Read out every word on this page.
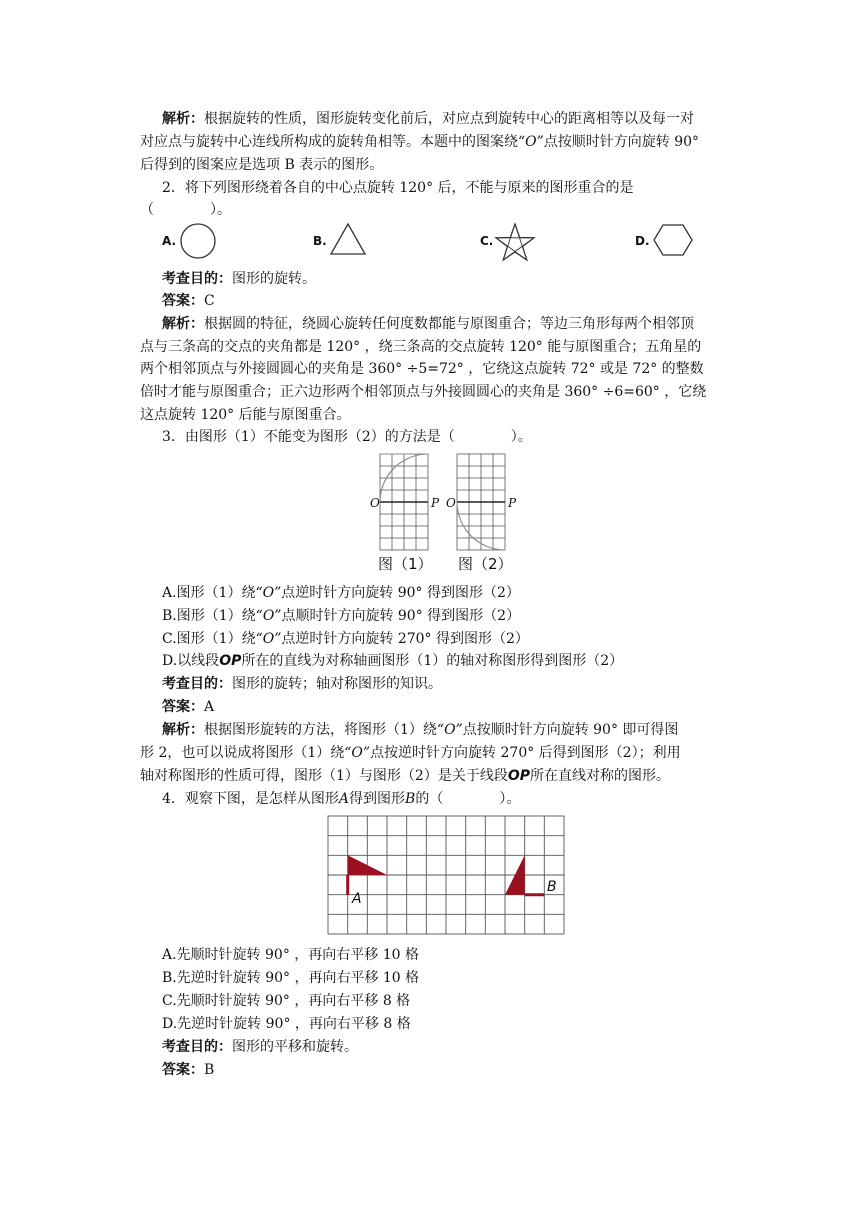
解析：根据旋转的性质，图形旋转变化前后，对应点到旋转中心的距离相等以及每一对
对应点与旋转中心连线所构成的旋转角相等。本题中的图案绕“O”点按顺时针方向旋转 90°
后得到的图案应是选项 B 表示的图形。
2．将下列图形绕着各自的中心点旋转 120° 后，不能与原来的图形重合的是
（　　　　）。
A.	B.	C.	D.
考查目的：图形的旋转。
答案：C
解析：根据圆的特征，绕圆心旋转任何度数都能与原图重合；等边三角形每两个相邻顶
点与三条高的交点的夹角都是 120° ，绕三条高的交点旋转 120° 能与原图重合；五角星的
两个相邻顶点与外接圆圆心的夹角是 360° ÷5=72° ，它绕这点旋转 72° 或是 72° 的整数
倍时才能与原图重合；正六边形两个相邻顶点与外接圆圆心的夹角是 360° ÷6=60° ，它绕
这点旋转 120° 后能与原图重合。
3．由图形（1）不能变为图形（2）的方法是（　　　　）。
O	P
图（1）
O	P
图（2）
A.图形（1）绕“O”点逆时针方向旋转 90° 得到图形（2）
B.图形（1）绕“O”点顺时针方向旋转 90° 得到图形（2）
C.图形（1）绕“O”点逆时针方向旋转 270° 得到图形（2）
D.以线段OP所在的直线为对称轴画图形（1）的轴对称图形得到图形（2）
考查目的：图形的旋转；轴对称图形的知识。
答案：A
解析：根据图形旋转的方法，将图形（1）绕“O”点按顺时针方向旋转 90° 即可得图
形 2，也可以说成将图形（1）绕“O”点按逆时针方向旋转 270° 后得到图形（2）；利用
轴对称图形的性质可得，图形（1）与图形（2）是关于线段OP所在直线对称的图形。
4．观察下图，是怎样从图形A得到图形B的（　　　　）。
A
B
A.先顺时针旋转 90° ，再向右平移 10 格
B.先逆时针旋转 90° ，再向右平移 10 格
C.先顺时针旋转 90° ，再向右平移 8 格
D.先逆时针旋转 90° ，再向右平移 8 格
考查目的：图形的平移和旋转。
答案：B
